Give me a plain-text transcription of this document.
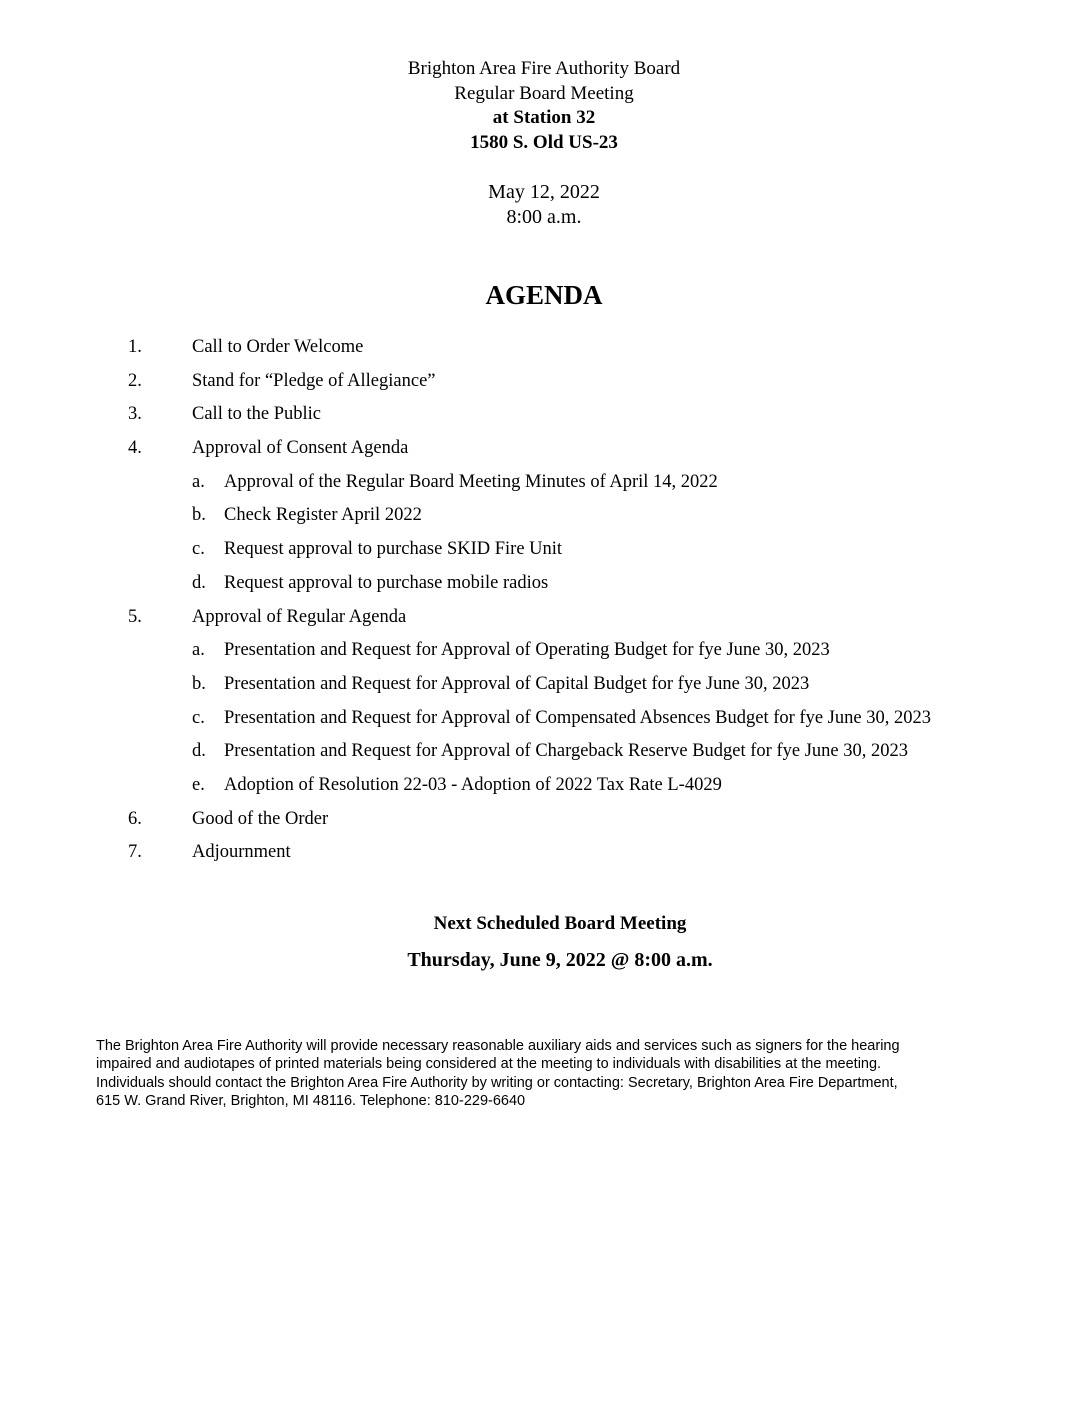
Brighton Area Fire Authority Board
Regular Board Meeting
at Station 32
1580 S. Old US-23
May 12, 2022
8:00 a.m.
AGENDA
1.	Call to Order Welcome
2.	Stand for “Pledge of Allegiance”
3.	Call to the Public
4.	Approval of Consent Agenda
a. Approval of the Regular Board Meeting Minutes of April 14, 2022
b. Check Register April 2022
c. Request approval to purchase SKID Fire Unit
d. Request approval to purchase mobile radios
5.	Approval of Regular Agenda
a. Presentation and Request for Approval of Operating Budget for fye June 30, 2023
b. Presentation and Request for Approval of Capital Budget for fye June 30, 2023
c. Presentation and Request for Approval of Compensated Absences Budget for fye June 30, 2023
d. Presentation and Request for Approval of Chargeback Reserve Budget for fye June 30, 2023
e. Adoption of Resolution 22-03 - Adoption of 2022 Tax Rate L-4029
6.	Good of the Order
7.	Adjournment
Next Scheduled Board Meeting
Thursday, June 9, 2022 @ 8:00 a.m.
The Brighton Area Fire Authority will provide necessary reasonable auxiliary aids and services such as signers for the hearing
impaired and audiotapes of printed materials being considered at the meeting to individuals with disabilities at the meeting.
Individuals should contact the Brighton Area Fire Authority by writing or contacting: Secretary, Brighton Area Fire Department,
615 W. Grand River, Brighton, MI 48116. Telephone: 810-229-6640
